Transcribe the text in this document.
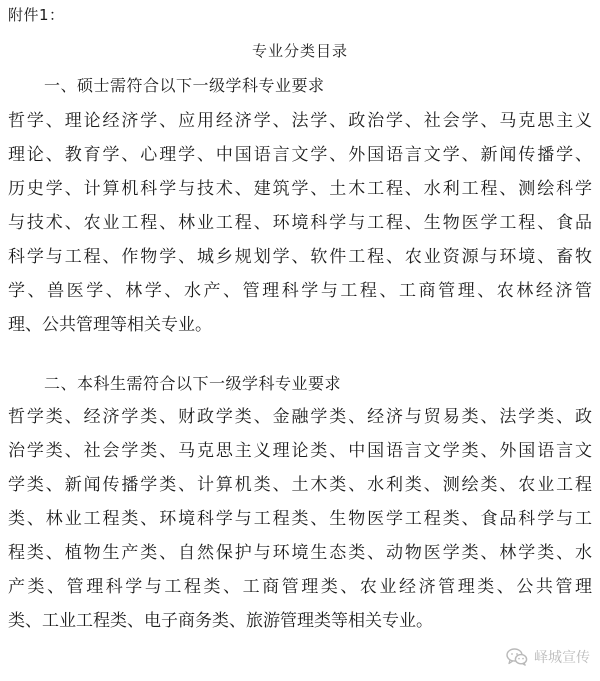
附件1：
专业分类目录
一、硕士需符合以下一级学科专业要求
哲学、理论经济学、应用经济学、法学、政治学、社会学、马克思主义
理论、教育学、心理学、中国语言文学、外国语言文学、新闻传播学、
历史学、计算机科学与技术、建筑学、土木工程、水利工程、测绘科学
与技术、农业工程、林业工程、环境科学与工程、生物医学工程、食品
科学与工程、作物学、城乡规划学、软件工程、农业资源与环境、畜牧
学、兽医学、林学、水产、管理科学与工程、工商管理、农林经济管
理、公共管理等相关专业。
二、本科生需符合以下一级学科专业要求
哲学类、经济学类、财政学类、金融学类、经济与贸易类、法学类、政
治学类、社会学类、马克思主义理论类、中国语言文学类、外国语言文
学类、新闻传播学类、计算机类、土木类、水利类、测绘类、农业工程
类、林业工程类、环境科学与工程类、生物医学工程类、食品科学与工
程类、植物生产类、自然保护与环境生态类、动物医学类、林学类、水
产类、管理科学与工程类、工商管理类、农业经济管理类、公共管理
类、工业工程类、电子商务类、旅游管理类等相关专业。
峄城宣传
